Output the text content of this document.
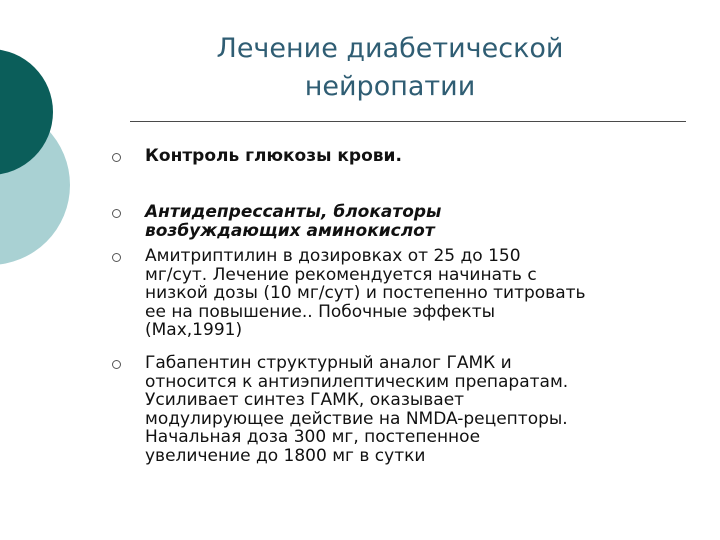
Лечение диабетической
нейропатии

Контроль глюкозы крови.

Антидепрессанты, блокаторы
возбуждающих аминокислот

Амитриптилин в дозировках от 25 до 150
мг/сут. Лечение рекомендуется начинать с
низкой дозы (10 мг/сут) и постепенно титровать
ее на повышение.. Побочные эффекты
(Max,1991)

Габапентин структурный аналог ГАМК и
относится к антиэпилептическим препаратам.
Усиливает синтез ГАМК, оказывает
модулирующее действие на NMDA-рецепторы.
Начальная доза 300 мг, постепенное
увеличение до 1800 мг в сутки
